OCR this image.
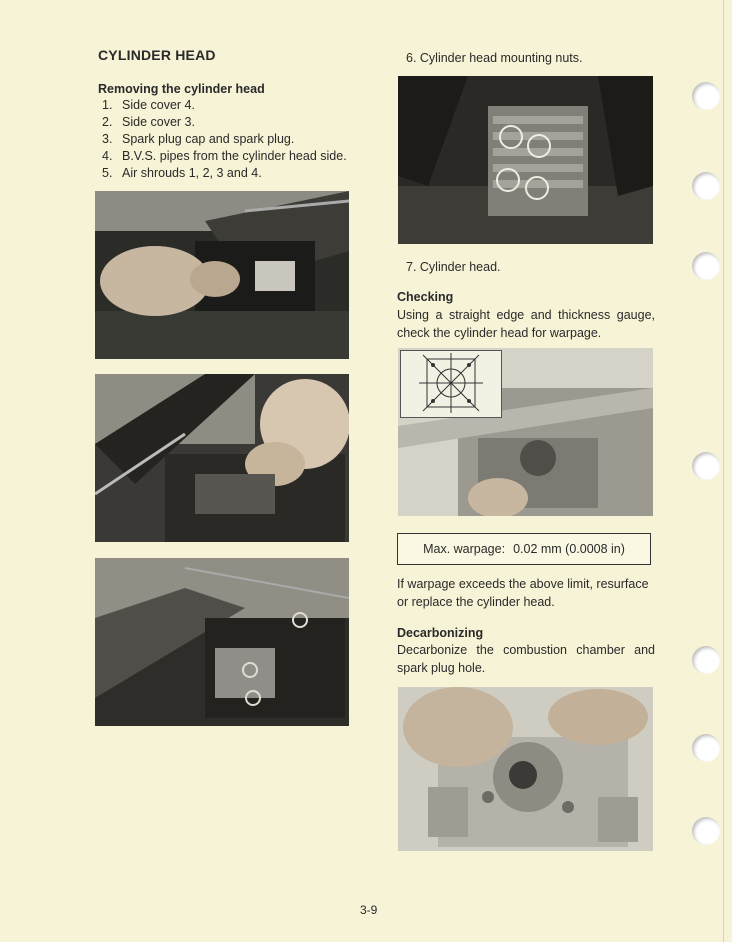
CYLINDER HEAD
Removing the cylinder head
1. Side cover 4.
2. Side cover 3.
3. Spark plug cap and spark plug.
4. B.V.S. pipes from the cylinder head side.
5. Air shrouds 1, 2, 3 and 4.
6. Cylinder head mounting nuts.
7. Cylinder head.
Checking
Using a straight edge and thickness gauge, check the cylinder head for warpage.
Max. warpage: 0.02 mm (0.0008 in)
If warpage exceeds the above limit, resurface or replace the cylinder head.
Decarbonizing
Decarbonize the combustion chamber and spark plug hole.
3-9
